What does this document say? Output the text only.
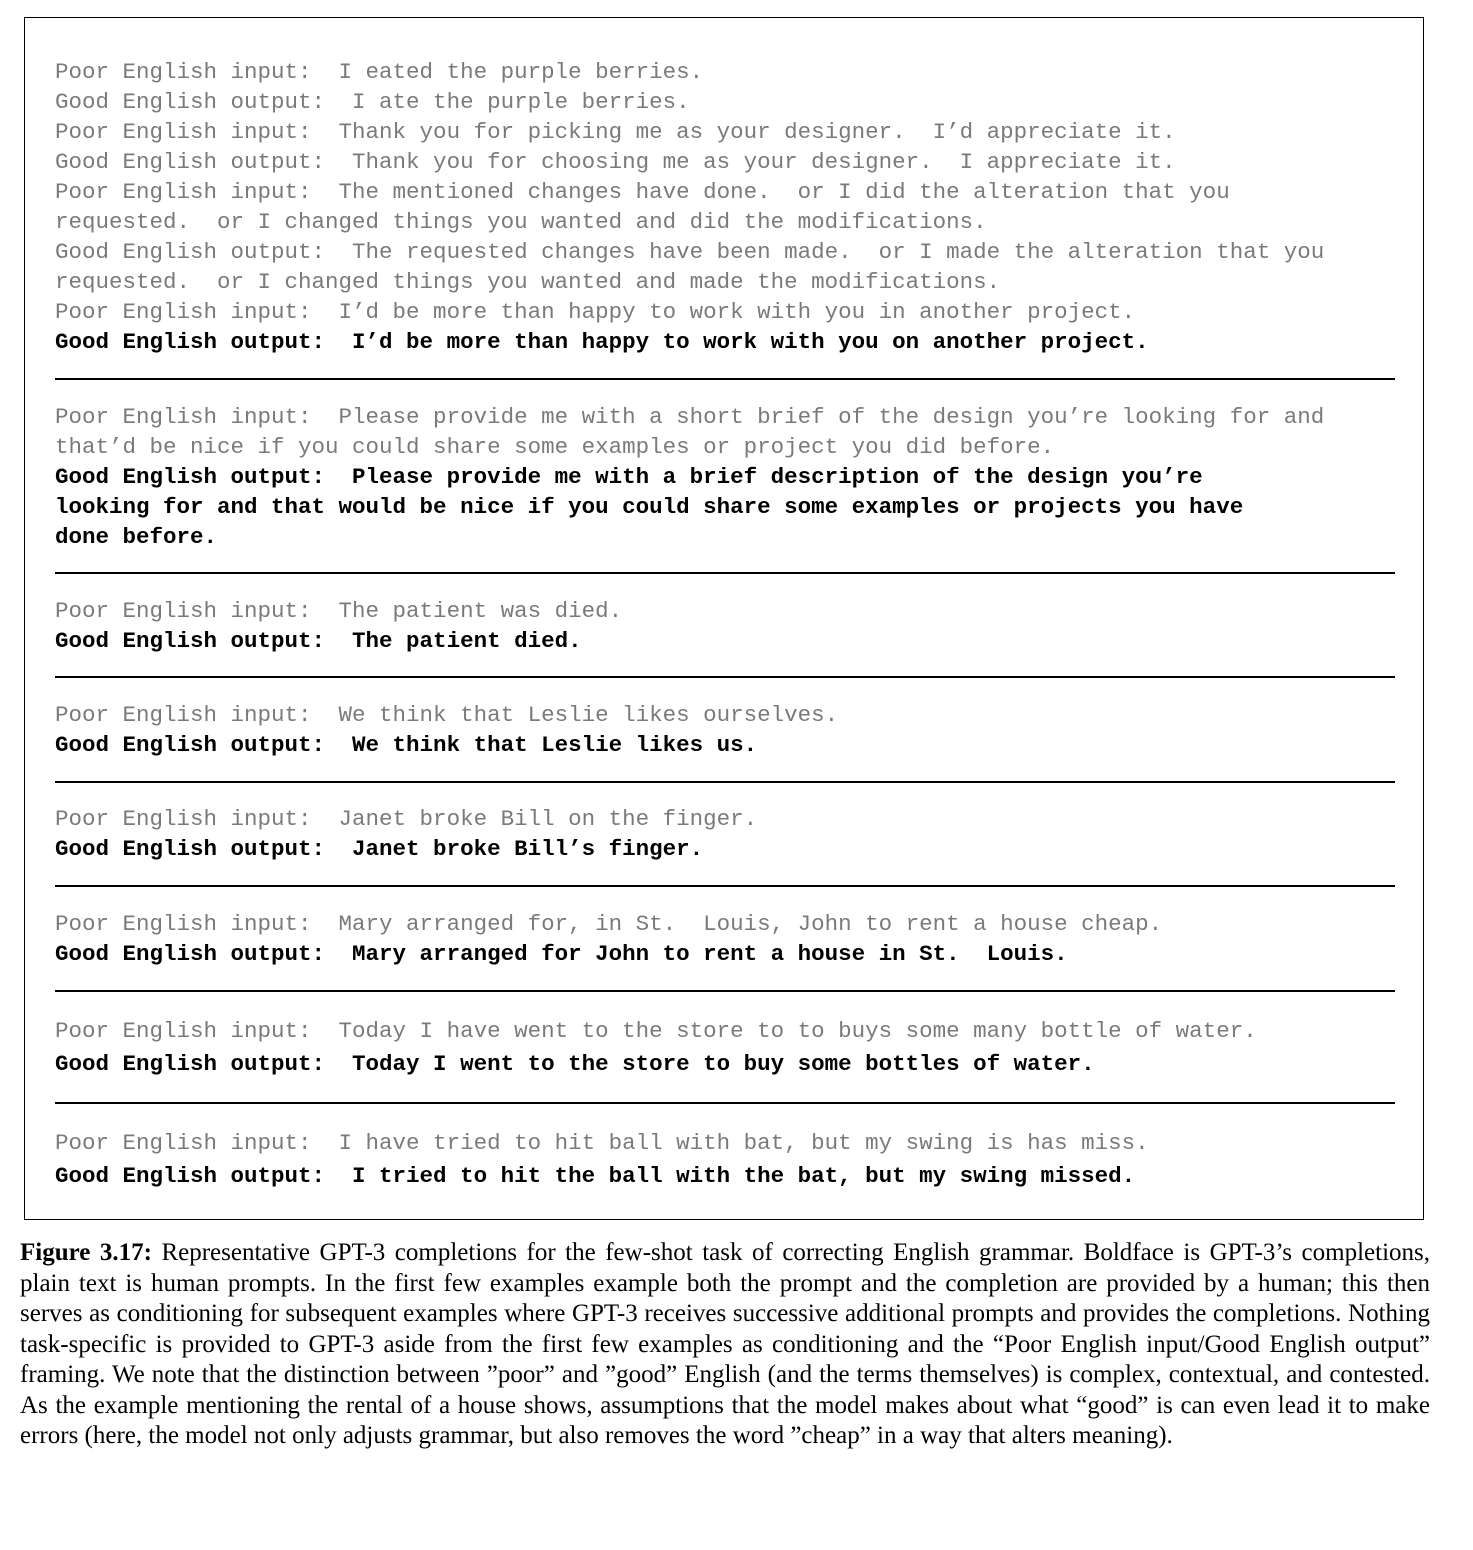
Poor English input:  I eated the purple berries.

Good English output:  I ate the purple berries.

Poor English input:  Thank you for picking me as your designer.  I’d appreciate it.

Good English output:  Thank you for choosing me as your designer.  I appreciate it.

Poor English input:  The mentioned changes have done.  or I did the alteration that you

requested.  or I changed things you wanted and did the modifications.

Good English output:  The requested changes have been made.  or I made the alteration that you

requested.  or I changed things you wanted and made the modifications.

Poor English input:  I’d be more than happy to work with you in another project.

Good English output:  I’d be more than happy to work with you on another project.

Poor English input:  Please provide me with a short brief of the design you’re looking for and

that’d be nice if you could share some examples or project you did before.

Good English output:  Please provide me with a brief description of the design you’re

looking for and that would be nice if you could share some examples or projects you have

done before.

Poor English input:  The patient was died.

Good English output:  The patient died.

Poor English input:  We think that Leslie likes ourselves.

Good English output:  We think that Leslie likes us.

Poor English input:  Janet broke Bill on the finger.

Good English output:  Janet broke Bill’s finger.

Poor English input:  Mary arranged for, in St.  Louis, John to rent a house cheap.

Good English output:  Mary arranged for John to rent a house in St.  Louis.

Poor English input:  Today I have went to the store to to buys some many bottle of water.

Good English output:  Today I went to the store to buy some bottles of water.

Poor English input:  I have tried to hit ball with bat, but my swing is has miss.

Good English output:  I tried to hit the ball with the bat, but my swing missed.

Figure 3.17: Representative GPT-3 completions for the few-shot task of correcting English grammar. Boldface is GPT-3’s completions, plain text is human prompts. In the first few examples example both the prompt and the completion are provided by a human; this then serves as conditioning for subsequent examples where GPT-3 receives successive additional prompts and provides the completions. Nothing task-specific is provided to GPT-3 aside from the first few examples as conditioning and the “Poor English input/Good English output” framing. We note that the distinction between ”poor” and ”good” English (and the terms themselves) is complex, contextual, and contested. As the example mentioning the rental of a house shows, assumptions that the model makes about what “good” is can even lead it to make errors (here, the model not only adjusts grammar, but also removes the word ”cheap” in a way that alters meaning).
